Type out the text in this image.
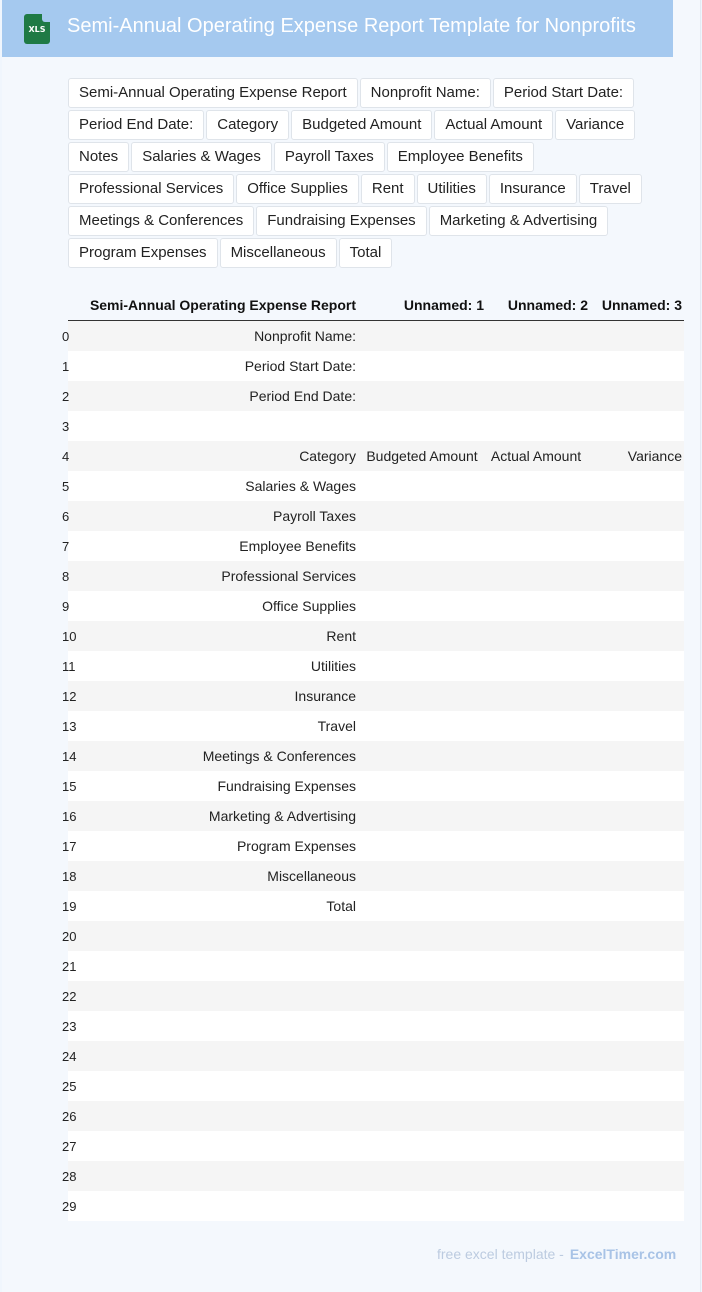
XLS Semi-Annual Operating Expense Report Template for Nonprofits
Semi-Annual Operating Expense Report	Nonprofit Name:	Period Start Date:
Period End Date:	Category	Budgeted Amount	Actual Amount	Variance
Notes	Salaries & Wages	Payroll Taxes	Employee Benefits
Professional Services	Office Supplies	Rent	Utilities	Insurance	Travel
Meetings & Conferences	Fundraising Expenses	Marketing & Advertising
Program Expenses	Miscellaneous	Total
	Semi-Annual Operating Expense Report	Unnamed: 1	Unnamed: 2	Unnamed: 3
0	Nonprofit Name:			
1	Period Start Date:			
2	Period End Date:			
3				
4	Category	Budgeted Amount	Actual Amount	Variance
5	Salaries & Wages			
6	Payroll Taxes			
7	Employee Benefits			
8	Professional Services			
9	Office Supplies			
10	Rent			
11	Utilities			
12	Insurance			
13	Travel			
14	Meetings & Conferences			
15	Fundraising Expenses			
16	Marketing & Advertising			
17	Program Expenses			
18	Miscellaneous			
19	Total			
20				
21				
22				
23				
24				
25				
26				
27				
28				
29				
free excel template - ExcelTimer.com
